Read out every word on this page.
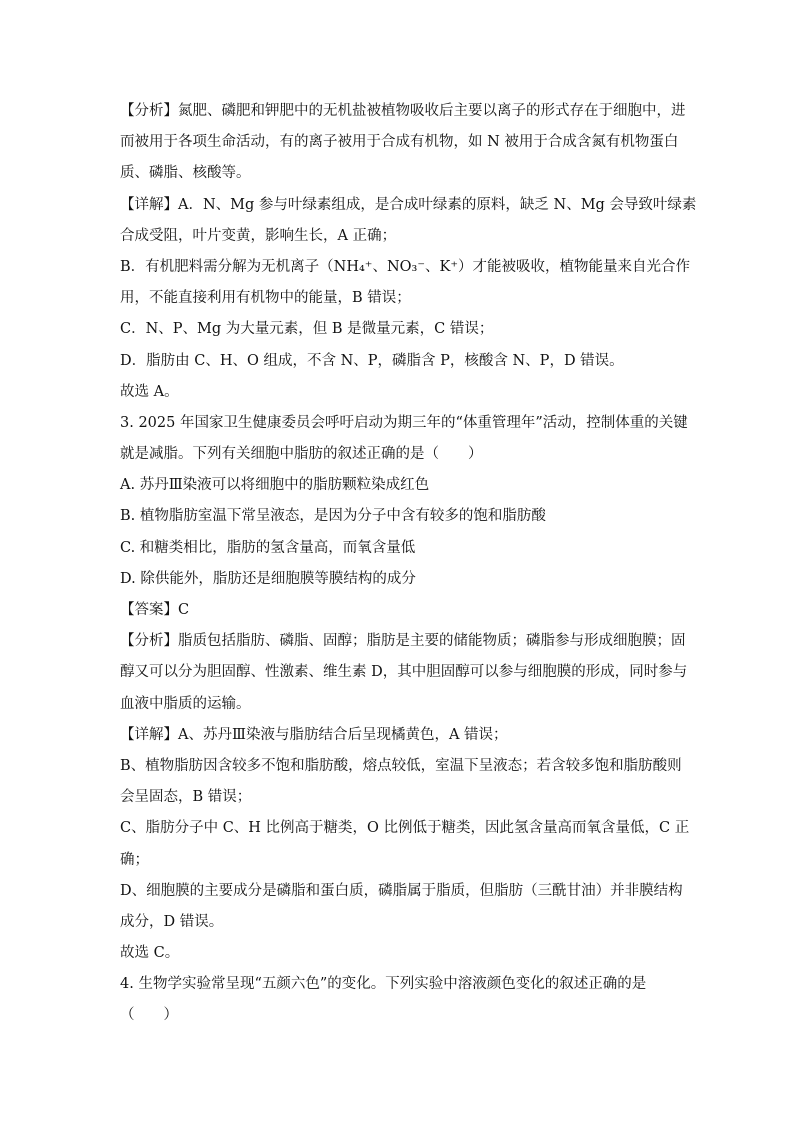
【分析】氮肥、磷肥和钾肥中的无机盐被植物吸收后主要以离子的形式存在于细胞中，进
而被用于各项生命活动，有的离子被用于合成有机物，如 N 被用于合成含氮有机物蛋白
质、磷脂、核酸等。
【详解】A．N、Mg 参与叶绿素组成，是合成叶绿素的原料，缺乏 N、Mg 会导致叶绿素
合成受阻，叶片变黄，影响生长，A 正确；
B．有机肥料需分解为无机离子（NH₄⁺、NO₃⁻、K⁺）才能被吸收，植物能量来自光合作
用，不能直接利用有机物中的能量，B 错误；
C．N、P、Mg 为大量元素，但 B 是微量元素，C 错误；
D．脂肪由 C、H、O 组成，不含 N、P，磷脂含 P，核酸含 N、P，D 错误。
故选 A。
3. 2025 年国家卫生健康委员会呼吁启动为期三年的“体重管理年”活动，控制体重的关键
就是减脂。下列有关细胞中脂肪的叙述正确的是（　　）
A. 苏丹Ⅲ染液可以将细胞中的脂肪颗粒染成红色
B. 植物脂肪室温下常呈液态，是因为分子中含有较多的饱和脂肪酸
C. 和糖类相比，脂肪的氢含量高，而氧含量低
D. 除供能外，脂肪还是细胞膜等膜结构的成分
【答案】C
【分析】脂质包括脂肪、磷脂、固醇；脂肪是主要的储能物质；磷脂参与形成细胞膜；固
醇又可以分为胆固醇、性激素、维生素 D，其中胆固醇可以参与细胞膜的形成，同时参与
血液中脂质的运输。
【详解】A、苏丹Ⅲ染液与脂肪结合后呈现橘黄色，A 错误；
B、植物脂肪因含较多不饱和脂肪酸，熔点较低，室温下呈液态；若含较多饱和脂肪酸则
会呈固态，B 错误；
C、脂肪分子中 C、H 比例高于糖类，O 比例低于糖类，因此氢含量高而氧含量低，C 正
确；
D、细胞膜的主要成分是磷脂和蛋白质，磷脂属于脂质，但脂肪（三酰甘油）并非膜结构
成分，D 错误。
故选 C。
4. 生物学实验常呈现“五颜六色”的变化。下列实验中溶液颜色变化的叙述正确的是
（　　）
